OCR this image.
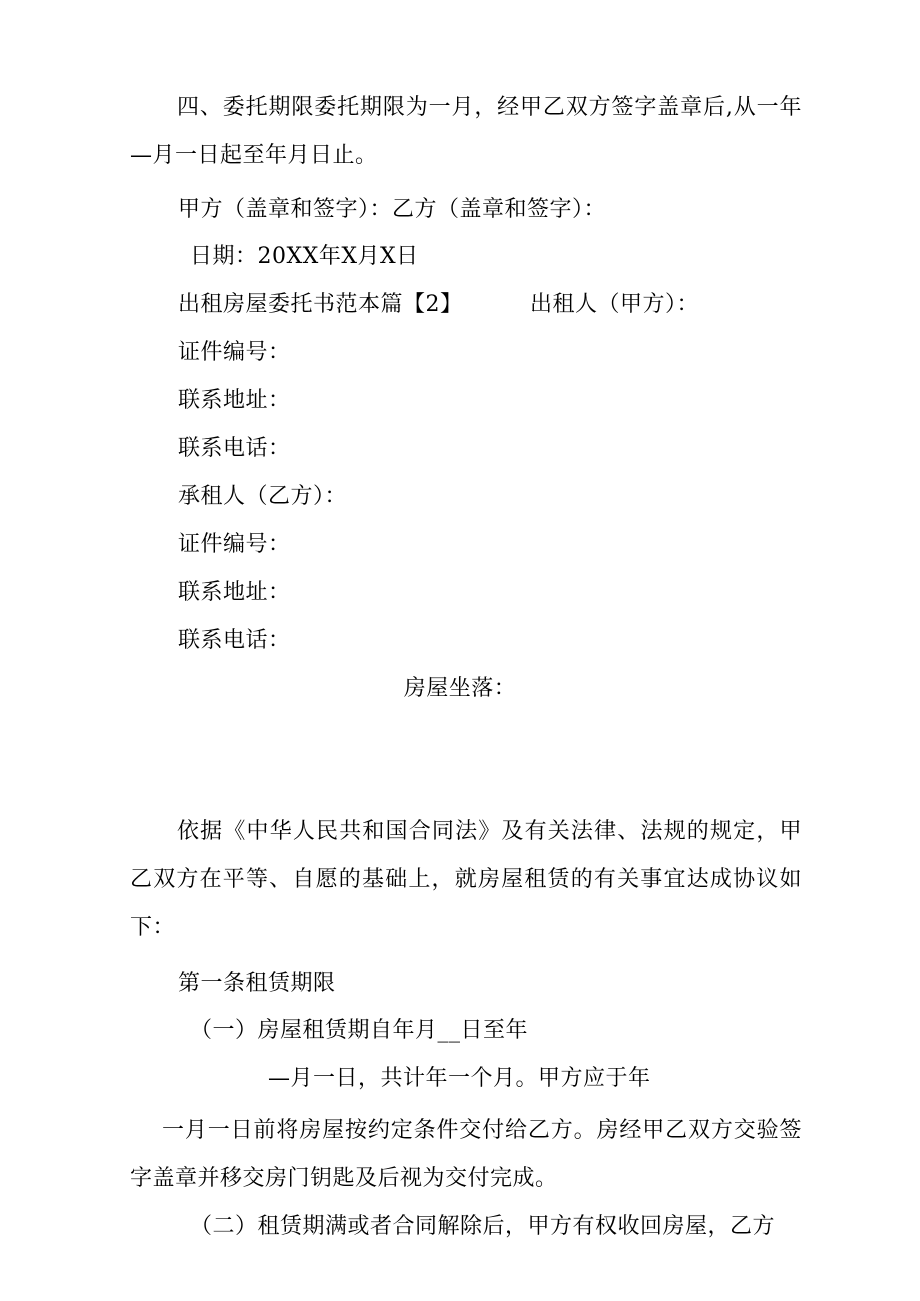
四、委托期限委托期限为一月，经甲乙双方签字盖章后,从一年—月一日起至年月日止。
甲方（盖章和签字）：乙方（盖章和签字）：
日期：20XX年X月X日
出租房屋委托书范本篇【2】	出租人（甲方）：
证件编号：
联系地址：
联系电话：
承租人（乙方）：
证件编号：
联系地址：
联系电话：
房屋坐落：
依据《中华人民共和国合同法》及有关法律、法规的规定，甲乙双方在平等、自愿的基础上，就房屋租赁的有关事宜达成协议如下：
第一条租赁期限
（一）房屋租赁期自年月__日至年
—月一日，共计年一个月。甲方应于年
一月一日前将房屋按约定条件交付给乙方。房经甲乙双方交验签字盖章并移交房门钥匙及后视为交付完成。
（二）租赁期满或者合同解除后，甲方有权收回房屋，乙方
